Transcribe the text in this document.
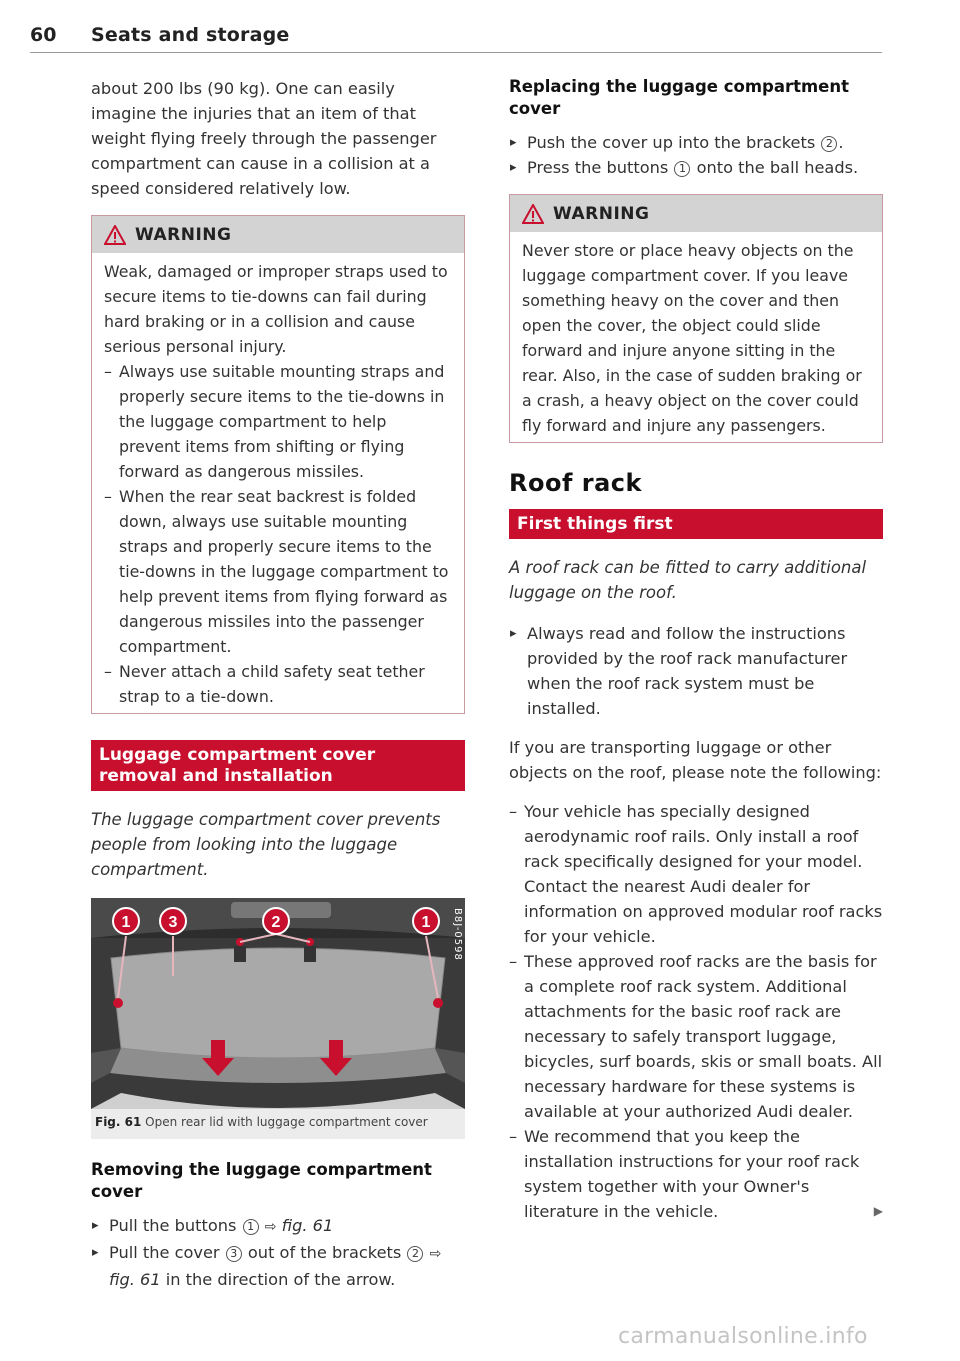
60 Seats and storage

about 200 lbs (90 kg). One can easily imagine the injuries that an item of that weight flying freely through the passenger compartment can cause in a collision at a speed considered relatively low.

WARNING

Weak, damaged or improper straps used to secure items to tie-downs can fail during hard braking or in a collision and cause serious personal injury.

– Always use suitable mounting straps and properly secure items to the tie-downs in the luggage compartment to help prevent items from shifting or flying forward as dangerous missiles.
– When the rear seat backrest is folded down, always use suitable mounting straps and properly secure items to the tie-downs in the luggage compartment to help prevent items from flying forward as dangerous missiles into the passenger compartment.
– Never attach a child safety seat tether strap to a tie-down.
Luggage compartment cover removal and installation

The luggage compartment cover prevents people from looking into the luggage compartment.

1 3	2	1 B8J-0598
Fig. 61 Open rear lid with luggage compartment cover
Removing the luggage compartment cover
▸ Pull the buttons 1 ⇨ fig. 61
▸ Pull the cover 3 out of the brackets 2 ⇨ fig. 61 in the direction of the arrow.
Replacing the luggage compartment cover
▸ Push the cover up into the brackets 2 .
▸ Press the buttons 1 onto the ball heads.
WARNING

Never store or place heavy objects on the luggage compartment cover. If you leave something heavy on the cover and then open the cover, the object could slide forward and injure anyone sitting in the rear. Also, in the case of sudden braking or a crash, a heavy object on the cover could fly forward and injure any passengers.

Roof rack
First things first

A roof rack can be fitted to carry additional luggage on the roof.

▸ Always read and follow the instructions provided by the roof rack manufacturer when the roof rack system must be installed.

If you are transporting luggage or other objects on the roof, please note the following:

– Your vehicle has specially designed aerodynamic roof rails. Only install a roof rack specifically designed for your model. Contact the nearest Audi dealer for information on approved modular roof racks for your vehicle.
– These approved roof racks are the basis for a complete roof rack system. Additional attachments for the basic roof rack are necessary to safely transport luggage, bicycles, surf boards, skis or small boats. All necessary hardware for these systems is available at your authorized Audi dealer.
– We recommend that you keep the installation instructions for your roof rack system together with your Owner's literature in the vehicle.	▶
carmanualsonline.info
